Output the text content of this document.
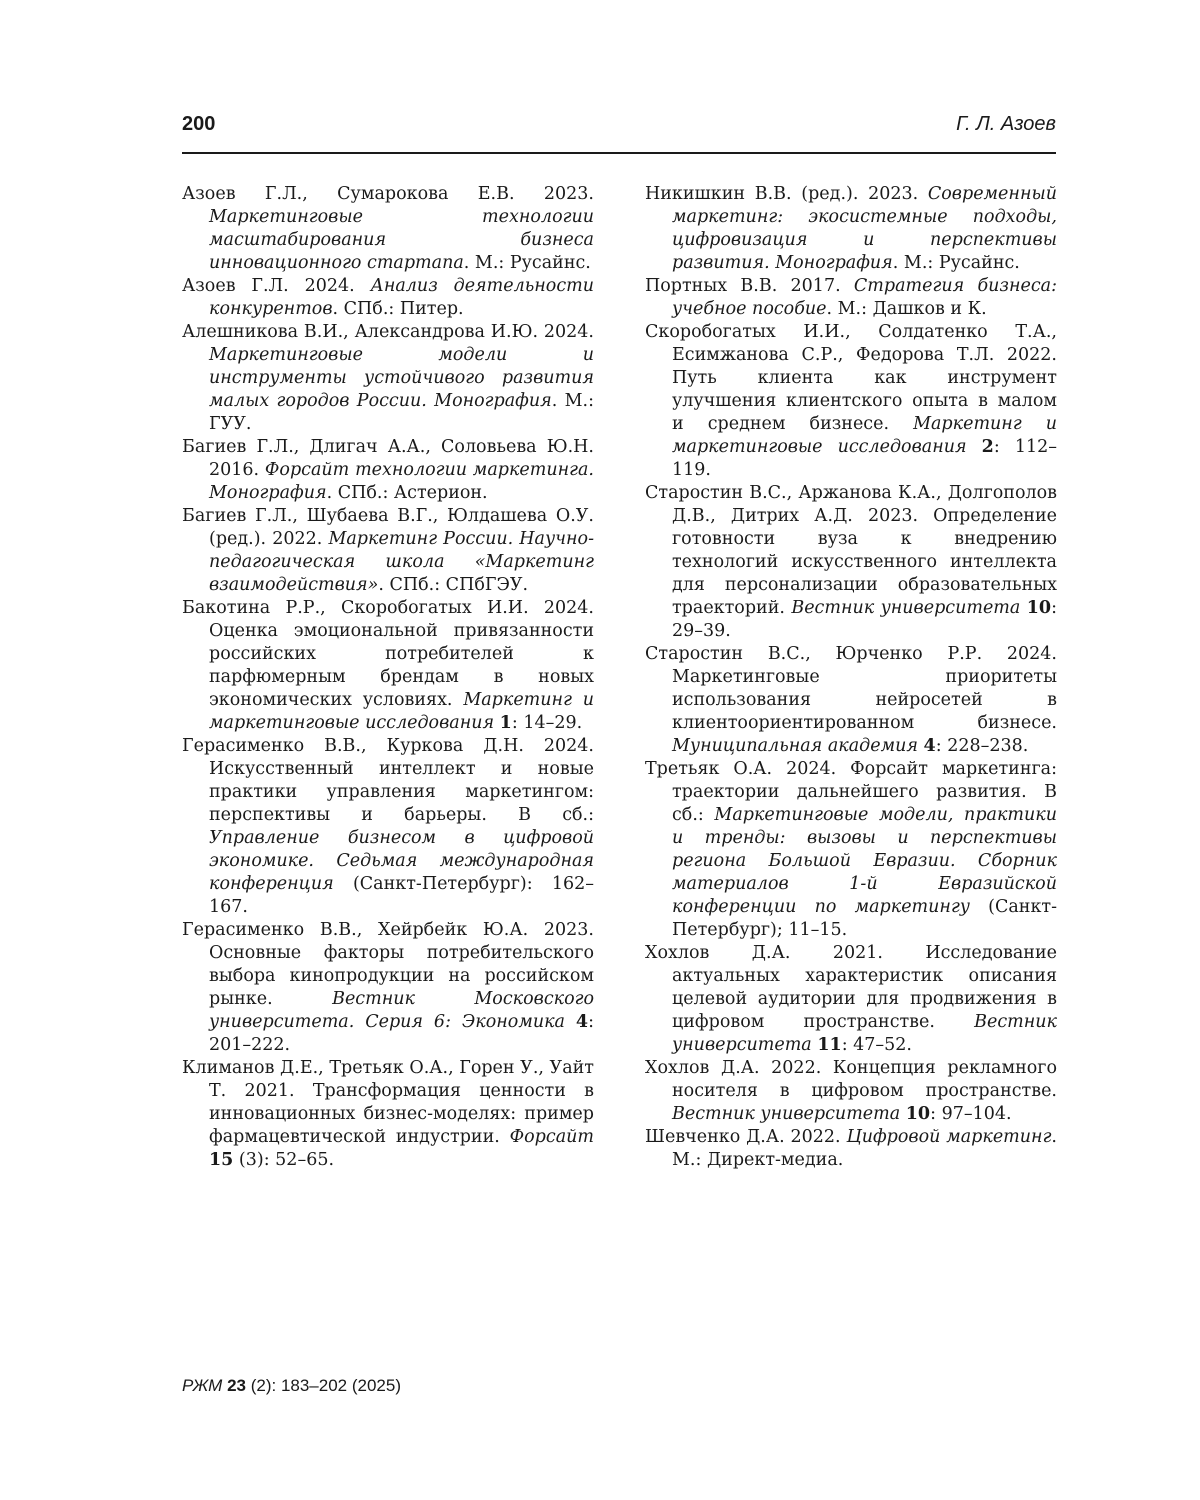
200	Г. Л. Азоев

Азоев Г.Л., Сумарокова Е.В. 2023. Маркетинговые технологии масштабирования бизнеса инновационного стартапа. М.: Русайнс.

Азоев Г.Л. 2024. Анализ деятельности конкурентов. СПб.: Питер.

Алешникова В.И., Александрова И.Ю. 2024. Маркетинговые модели и инструменты устойчивого развития малых городов России. Монография. М.: ГУУ.

Багиев Г.Л., Длигач А.А., Соловьева Ю.Н. 2016. Форсайт технологии маркетинга. Монография. СПб.: Астерион.

Багиев Г.Л., Шубаева В.Г., Юлдашева О.У. (ред.). 2022. Маркетинг России. Научно-педагогическая школа «Маркетинг взаимодействия». СПб.: СПбГЭУ.

Бакотина Р.Р., Скоробогатых И.И. 2024. Оценка эмоциональной привязанности российских потребителей к парфюмерным брендам в новых экономических условиях. Маркетинг и маркетинговые исследования 1: 14–29.

Герасименко В.В., Куркова Д.Н. 2024. Искусственный интеллект и новые практики управления маркетингом: перспективы и барьеры. В сб.: Управление бизнесом в цифровой экономике. Седьмая международная конференция (Санкт-Петербург): 162–167.

Герасименко В.В., Хейрбейк Ю.А. 2023. Основные факторы потребительского выбора кинопродукции на российском рынке. Вестник Московского университета. Серия 6: Экономика 4: 201–222.

Климанов Д.Е., Третьяк О.А., Горен У., Уайт Т. 2021. Трансформация ценности в инновационных бизнес-моделях: пример фармацевтической индустрии. Форсайт 15 (3): 52–65.

Никишкин В.В. (ред.). 2023. Современный маркетинг: экосистемные подходы, цифровизация и перспективы развития. Монография. М.: Русайнс.

Портных В.В. 2017. Стратегия бизнеса: учебное пособие. М.: Дашков и К.

Скоробогатых И.И., Солдатенко Т.А., Есимжанова С.Р., Федорова Т.Л. 2022. Путь клиента как инструмент улучшения клиентского опыта в малом и среднем бизнесе. Маркетинг и маркетинговые исследования 2: 112–119.

Старостин В.С., Аржанова К.А., Долгополов Д.В., Дитрих А.Д. 2023. Определение готовности вуза к внедрению технологий искусственного интеллекта для персонализации образовательных траекторий. Вестник университета 10: 29–39.

Старостин В.С., Юрченко Р.Р. 2024. Маркетинговые приоритеты использования нейросетей в клиентоориентированном бизнесе. Муниципальная академия 4: 228–238.

Третьяк О.А. 2024. Форсайт маркетинга: траектории дальнейшего развития. В сб.: Маркетинговые модели, практики и тренды: вызовы и перспективы региона Большой Евразии. Сборник материалов 1-й Евразийской конференции по маркетингу (Санкт-Петербург); 11–15.

Хохлов Д.А. 2021. Исследование актуальных характеристик описания целевой аудитории для продвижения в цифровом пространстве. Вестник университета 11: 47–52.

Хохлов Д.А. 2022. Концепция рекламного носителя в цифровом пространстве. Вестник университета 10: 97–104.

Шевченко Д.А. 2022. Цифровой маркетинг. М.: Директ-медиа.

РЖМ 23 (2): 183–202 (2025)
